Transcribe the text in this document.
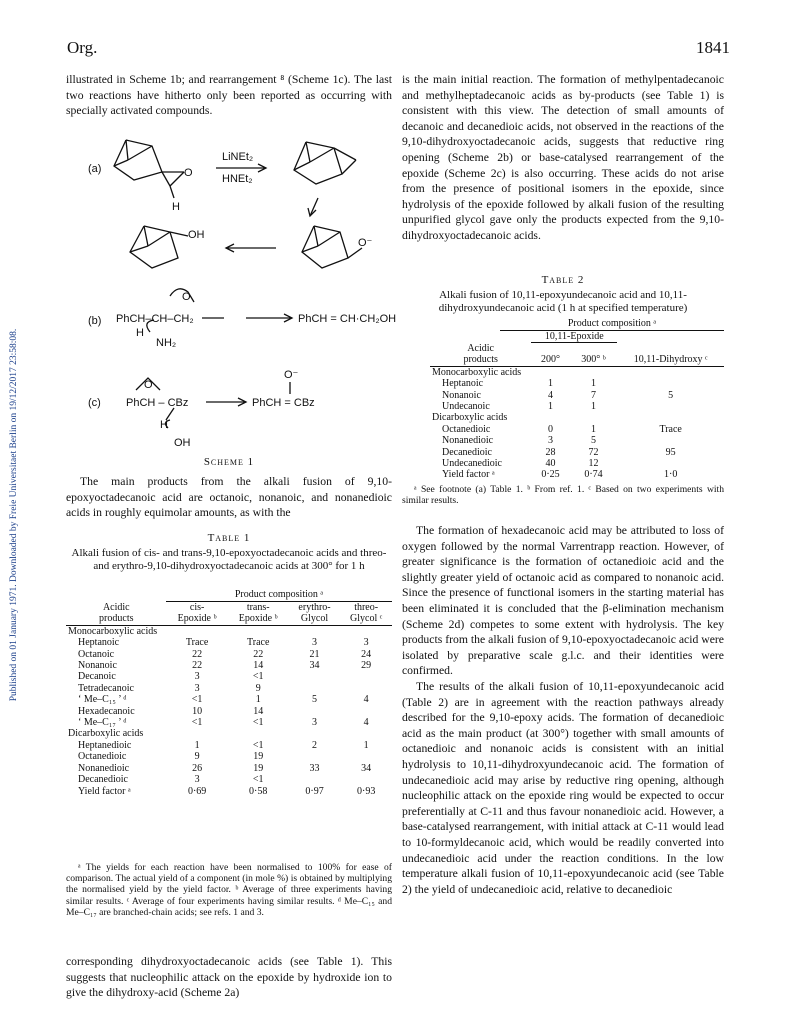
Org.	1841
Published on 01 January 1971. Downloaded by Freie Universitaet Berlin on 19/12/2017 23:58:08.

illustrated in Scheme 1b; and rearrangement ⁸ (Scheme 1c). The last two reactions have hitherto only been reported as occurring with specially activated compounds.

(a)
LiNEt₂
HNEt₂
O
H
OH
O⁻
(b) PhCH–CH–CH₂
O
H
NH₂
PhCH = CH·CH₂OH
(c) PhCH – CBz
O
H
OH
PhCH = CBz
O⁻
Scheme 1

The main products from the alkali fusion of 9,10-epoxyoctadecanoic acid are octanoic, nonanoic, and nonanedioic acids in roughly equimolar amounts, as with the

Table 1
Alkali fusion of cis- and trans-9,10-epoxyoctadecanoic acids and threo- and erythro-9,10-dihydroxyoctadecanoic acids at 300° for 1 h
Product composition ᵃ
Acidic	cis-	trans-	erythro-	threo-
products	Epoxide ᵇ	Epoxide ᵇ	Glycol	Glycol ᶜ
Monocarboxylic acids				
Heptanoic	Trace	Trace	3	3
Octanoic	22	22	21	24
Nonanoic	22	14	34	29
Decanoic	3	<1		
Tetradecanoic	3	9		
‘ Me–C₁₅ ’ ᵈ	<1	1	5	4
Hexadecanoic	10	14		
‘ Me–C₁₇ ’ ᵈ	<1	<1	3	4
Dicarboxylic acids				
Heptanedioic	1	<1	2	1
Octanedioic	9	19		
Nonanedioic	26	19	33	34
Decanedioic	3	<1		
Yield factor ᵃ	0·69	0·58	0·97	0·93
ᵃ The yields for each reaction have been normalised to 100% for ease of comparison. The actual yield of a component (in mole %) is obtained by multiplying the normalised yield by the yield factor. ᵇ Average of three experiments having similar results. ᶜ Average of four experiments having similar results. ᵈ Me–C₁₅ and Me–C₁₇ are branched-chain acids; see refs. 1 and 3.

corresponding dihydroxyoctadecanoic acids (see Table 1). This suggests that nucleophilic attack on the epoxide by hydroxide ion to give the dihydroxy-acid (Scheme 2a)

is the main initial reaction. The formation of methylpentadecanoic and methylheptadecanoic acids as by-products (see Table 1) is consistent with this view. The detection of small amounts of decanoic and decanedioic acids, not observed in the reactions of the 9,10-dihydroxyoctadecanoic acids, suggests that reductive ring opening (Scheme 2b) or base-catalysed rearrangement of the epoxide (Scheme 2c) is also occurring. These acids do not arise from the presence of positional isomers in the epoxide, since hydrolysis of the epoxide followed by alkali fusion of the resulting unpurified glycol gave only the products expected from the 9,10-dihydroxyoctadecanoic acids.

Table 2
Alkali fusion of 10,11-epoxyundecanoic acid and 10,11-dihydroxyundecanoic acid (1 h at specified temperature)
Product composition ᵃ
	10,11-Epoxide		
Acidic			
products	200°	300° ᵇ	10,11-Dihydroxy ᶜ
Monocarboxylic acids			
Heptanoic	1	1	
Nonanoic	4	7	5
Undecanoic	1	1	
Dicarboxylic acids			
Octanedioic	0	1	Trace
Nonanedioic	3	5	
Decanedioic	28	72	95
Undecanedioic	40	12	
Yield factor ᵃ	0·25	0·74	1·0
ᵃ See footnote (a) Table 1. ᵇ From ref. 1. ᶜ Based on two experiments with similar results.

The formation of hexadecanoic acid may be attributed to loss of oxygen followed by the normal Varrentrapp reaction. However, of greater significance is the formation of octanedioic acid and the slightly greater yield of octanoic acid as compared to nonanoic acid. Since the presence of functional isomers in the starting material has been eliminated it is concluded that the β-elimination mechanism (Scheme 2d) competes to some extent with hydrolysis. The key products from the alkali fusion of 9,10-epoxyoctadecanoic acid were isolated by preparative scale g.l.c. and their identities were confirmed.

The results of the alkali fusion of 10,11-epoxyundecanoic acid (Table 2) are in agreement with the reaction pathways already described for the 9,10-epoxy acids. The formation of decanedioic acid as the main product (at 300°) together with small amounts of octanedioic and nonanoic acids is consistent with an initial hydrolysis to 10,11-dihydroxyundecanoic acid. The formation of undecanedioic acid may arise by reductive ring opening, although nucleophilic attack on the epoxide ring would be expected to occur preferentially at C-11 and thus favour nonanedioic acid. However, a base-catalysed rearrangement, with initial attack at C-11 would lead to 10-formyldecanoic acid, which would be readily converted into undecanedioic acid under the reaction conditions. In the low temperature alkali fusion of 10,11-epoxyundecanoic acid (see Table 2) the yield of undecanedioic acid, relative to decanedioic
